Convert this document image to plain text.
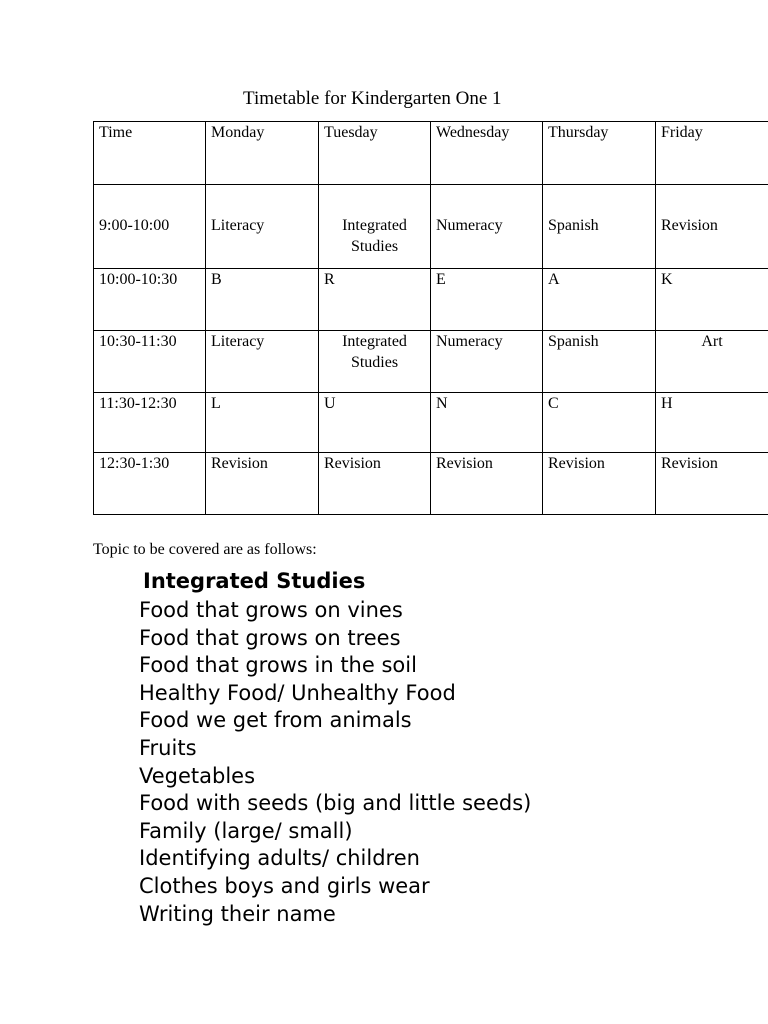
Timetable for Kindergarten One 1
Time	Monday	Tuesday	Wednesday	Thursday	Friday
9:00-10:00	Literacy	Integrated Studies	Numeracy	Spanish	Revision
10:00-10:30	B	R	E	A	K
10:30-11:30	Literacy	Integrated Studies	Numeracy	Spanish	Art
11:30-12:30	L	U	N	C	H
12:30-1:30	Revision	Revision	Revision	Revision	Revision
Topic to be covered are as follows:
Integrated Studies
Food that grows on vines
Food that grows on trees
Food that grows in the soil
Healthy Food/ Unhealthy Food
Food we get from animals
Fruits
Vegetables
Food with seeds (big and little seeds)
Family (large/ small)
Identifying adults/ children
Clothes boys and girls wear
Writing their name
